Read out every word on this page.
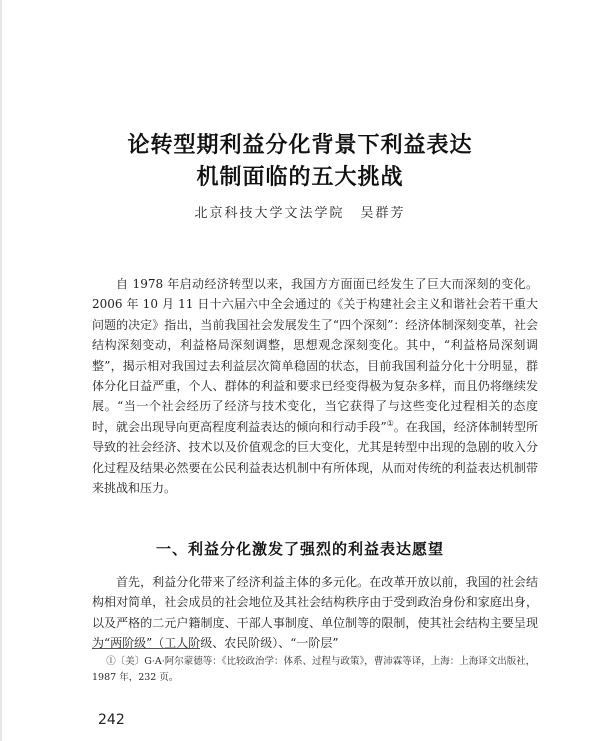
论转型期利益分化背景下利益表达
机制面临的五大挑战
北京科技大学文法学院 吴群芳

自 1978 年启动经济转型以来，我国方方面面已经发生了巨大而深刻的变化。2006 年 10 月 11 日十六届六中全会通过的《关于构建社会主义和谐社会若干重大问题的决定》指出，当前我国社会发展发生了“四个深刻”：经济体制深刻变革，社会结构深刻变动，利益格局深刻调整，思想观念深刻变化。其中，“利益格局深刻调整”，揭示相对我国过去利益层次简单稳固的状态，目前我国利益分化十分明显，群体分化日益严重，个人、群体的利益和要求已经变得极为复杂多样，而且仍将继续发展。“当一个社会经历了经济与技术变化，当它获得了与这些变化过程相关的态度时，就会出现导向更高程度利益表达的倾向和行动手段”①。在我国，经济体制转型所导致的社会经济、技术以及价值观念的巨大变化，尤其是转型中出现的急剧的收入分化过程及结果必然要在公民利益表达机制中有所体现，从而对传统的利益表达机制带来挑战和压力。

一、利益分化激发了强烈的利益表达愿望

首先，利益分化带来了经济利益主体的多元化。在改革开放以前，我国的社会结构相对简单，社会成员的社会地位及其社会结构秩序由于受到政治身份和家庭出身，以及严格的二元户籍制度、干部人事制度、单位制等的限制，使其社会结构主要呈现为“两阶级”（工人阶级、农民阶级）、“一阶层”

①〔美〕G·A·阿尔蒙德等：《比较政治学：体系、过程与政策》，曹沛霖等译，上海：上海译文出版社，1987 年，232 页。
242
